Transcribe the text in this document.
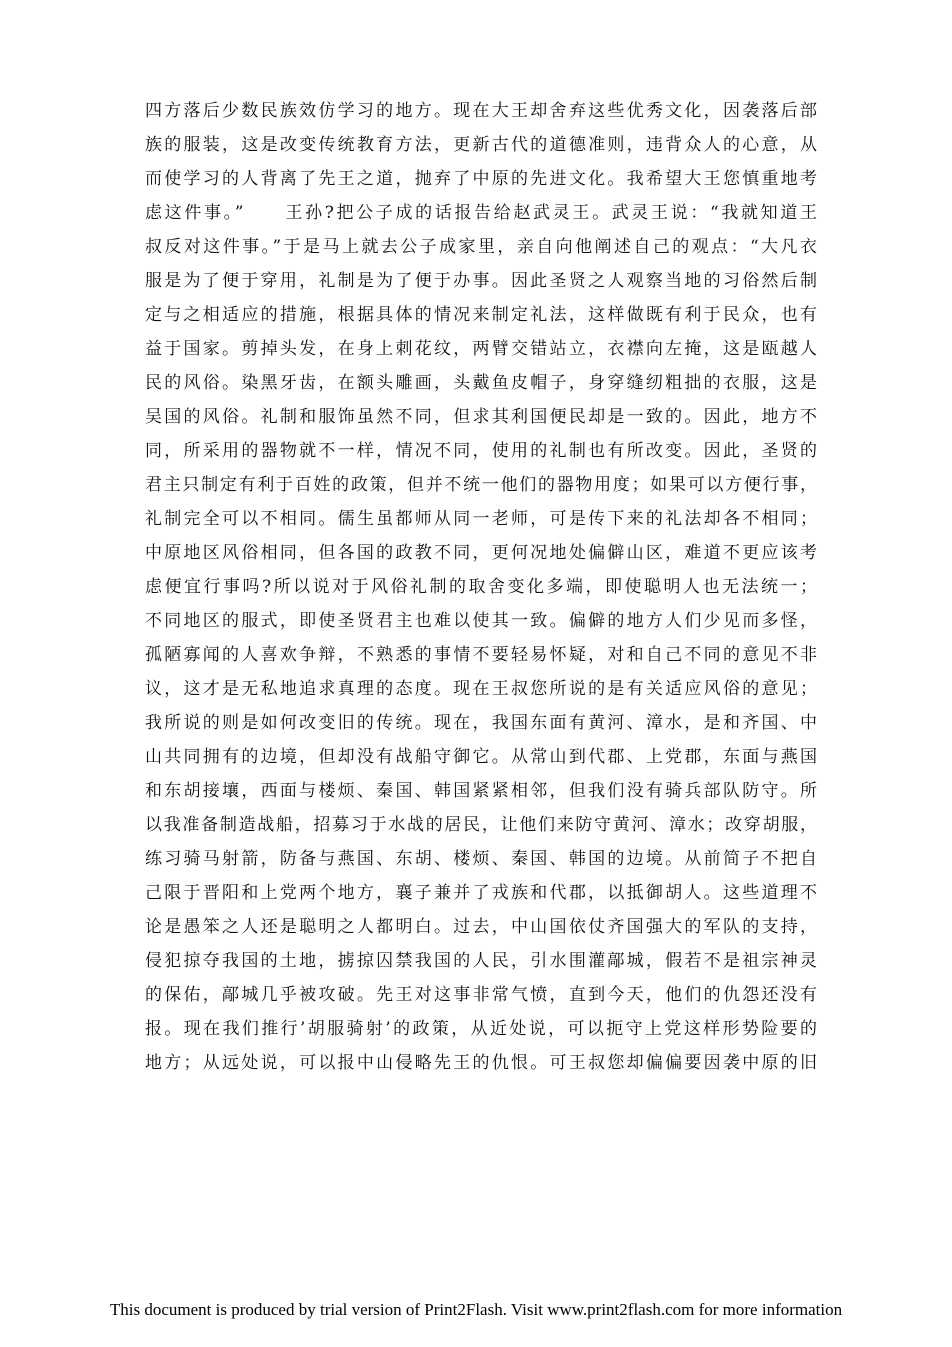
四方落后少数民族效仿学习的地方。现在大王却舍弃这些优秀文化，因袭落后部
族的服装，这是改变传统教育方法，更新古代的道德准则，违背众人的心意，从
而使学习的人背离了先王之道，抛弃了中原的先进文化。我希望大王您慎重地考
虑这件事。”　　王孙?把公子成的话报告给赵武灵王。武灵王说：“我就知道王
叔反对这件事。”于是马上就去公子成家里，亲自向他阐述自己的观点：“大凡衣
服是为了便于穿用，礼制是为了便于办事。因此圣贤之人观察当地的习俗然后制
定与之相适应的措施，根据具体的情况来制定礼法，这样做既有利于民众，也有
益于国家。剪掉头发，在身上刺花纹，两臂交错站立，衣襟向左掩，这是瓯越人
民的风俗。染黑牙齿，在额头雕画，头戴鱼皮帽子，身穿缝纫粗拙的衣服，这是
吴国的风俗。礼制和服饰虽然不同，但求其利国便民却是一致的。因此，地方不
同，所采用的器物就不一样，情况不同，使用的礼制也有所改变。因此，圣贤的
君主只制定有利于百姓的政策，但并不统一他们的器物用度；如果可以方便行事，
礼制完全可以不相同。儒生虽都师从同一老师，可是传下来的礼法却各不相同；
中原地区风俗相同，但各国的政教不同，更何况地处偏僻山区，难道不更应该考
虑便宜行事吗?所以说对于风俗礼制的取舍变化多端，即使聪明人也无法统一；
不同地区的服式，即使圣贤君主也难以使其一致。偏僻的地方人们少见而多怪，
孤陋寡闻的人喜欢争辩，不熟悉的事情不要轻易怀疑，对和自己不同的意见不非
议，这才是无私地追求真理的态度。现在王叔您所说的是有关适应风俗的意见；
我所说的则是如何改变旧的传统。现在，我国东面有黄河、漳水，是和齐国、中
山共同拥有的边境，但却没有战船守御它。从常山到代郡、上党郡，东面与燕国
和东胡接壤，西面与楼烦、秦国、韩国紧紧相邻，但我们没有骑兵部队防守。所
以我准备制造战船，招募习于水战的居民，让他们来防守黄河、漳水；改穿胡服，
练习骑马射箭，防备与燕国、东胡、楼烦、秦国、韩国的边境。从前简子不把自
己限于晋阳和上党两个地方，襄子兼并了戎族和代郡，以抵御胡人。这些道理不
论是愚笨之人还是聪明之人都明白。过去，中山国依仗齐国强大的军队的支持，
侵犯掠夺我国的土地，掳掠囚禁我国的人民，引水围灌鄗城，假若不是祖宗神灵
的保佑，鄗城几乎被攻破。先王对这事非常气愤，直到今天，他们的仇怨还没有
报。现在我们推行’胡服骑射’的政策，从近处说，可以扼守上党这样形势险要的
地方；从远处说，可以报中山侵略先王的仇恨。可王叔您却偏偏要因袭中原的旧
This document is produced by trial version of Print2Flash. Visit www.print2flash.com for more information
